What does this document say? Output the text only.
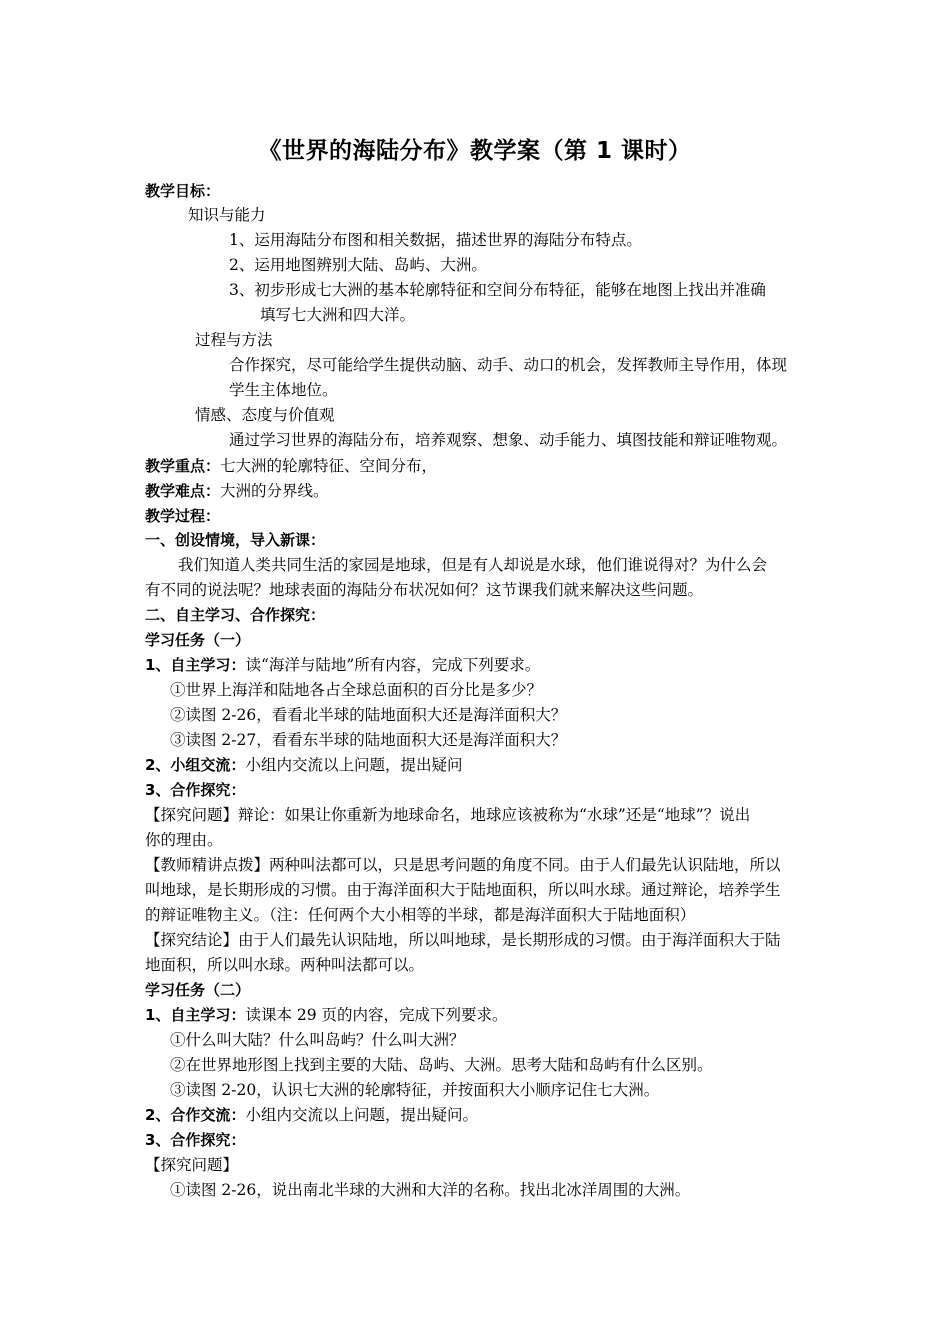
《世界的海陆分布》教学案（第 1 课时）
教学目标：
知识与能力
1、运用海陆分布图和相关数据，描述世界的海陆分布特点。
2、运用地图辨别大陆、岛屿、大洲。
3、初步形成七大洲的基本轮廓特征和空间分布特征，能够在地图上找出并准确
填写七大洲和四大洋。
过程与方法
合作探究，尽可能给学生提供动脑、动手、动口的机会，发挥教师主导作用，体现
学生主体地位。
情感、态度与价值观
通过学习世界的海陆分布，培养观察、想象、动手能力、填图技能和辩证唯物观。
教学重点：七大洲的轮廓特征、空间分布，
教学难点：大洲的分界线。
教学过程：
一、创设情境，导入新课：
我们知道人类共同生活的家园是地球，但是有人却说是水球，他们谁说得对？为什么会
有不同的说法呢？地球表面的海陆分布状况如何？这节课我们就来解决这些问题。
二、自主学习、合作探究：
学习任务（一）
1、自主学习：读“海洋与陆地”所有内容，完成下列要求。
①世界上海洋和陆地各占全球总面积的百分比是多少？
②读图 2-26，看看北半球的陆地面积大还是海洋面积大？
③读图 2-27，看看东半球的陆地面积大还是海洋面积大？
2、小组交流：小组内交流以上问题，提出疑问
3、合作探究：
【探究问题】辩论：如果让你重新为地球命名，地球应该被称为“水球”还是“地球”？说出
你的理由。
【教师精讲点拨】两种叫法都可以，只是思考问题的角度不同。由于人们最先认识陆地，所以
叫地球，是长期形成的习惯。由于海洋面积大于陆地面积，所以叫水球。通过辩论，培养学生
的辩证唯物主义。（注：任何两个大小相等的半球，都是海洋面积大于陆地面积）
【探究结论】由于人们最先认识陆地，所以叫地球，是长期形成的习惯。由于海洋面积大于陆
地面积，所以叫水球。两种叫法都可以。
学习任务（二）
1、自主学习：读课本 29 页的内容，完成下列要求。
①什么叫大陆？什么叫岛屿？什么叫大洲？
②在世界地形图上找到主要的大陆、岛屿、大洲。思考大陆和岛屿有什么区别。
③读图 2-20，认识七大洲的轮廓特征，并按面积大小顺序记住七大洲。
2、合作交流：小组内交流以上问题，提出疑问。
3、合作探究：
【探究问题】
①读图 2-26，说出南北半球的大洲和大洋的名称。找出北冰洋周围的大洲。
